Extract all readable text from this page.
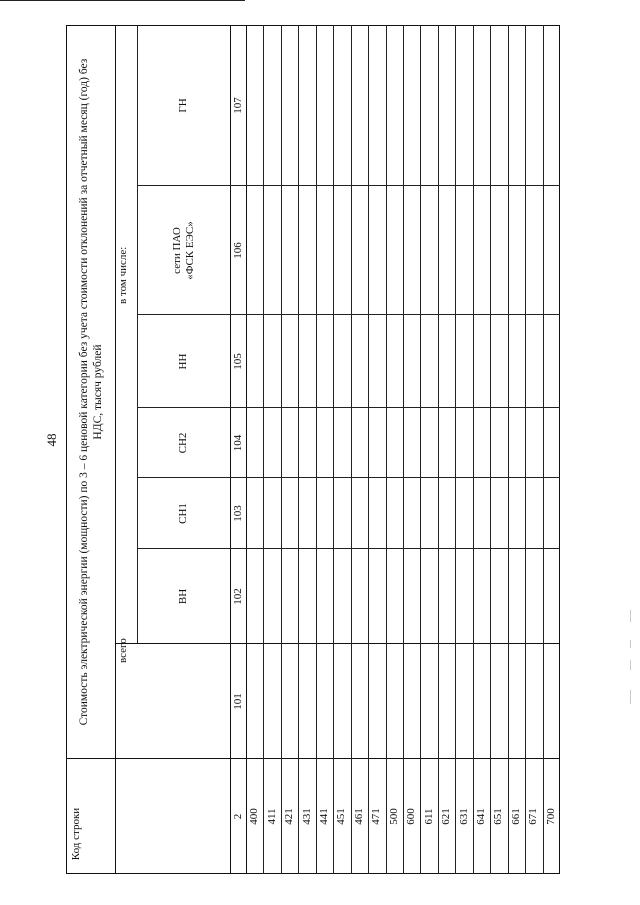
48
Код строки
Стоимость электрической энергии (мощности) по 3 – 6 ценовой категории без учета стоимости отклонений за отчетный месяц (год) без НДС, тысяч рублей
всего
в том числе:
ВН
СН1
СН2
НН
сети ПАО «ФСК ЕЭС»
ГН
2
101
102
103
104
105
106
107
400 411 421 431 441 451 461 471 500 600 611 621 631 641 651 661 671 700
